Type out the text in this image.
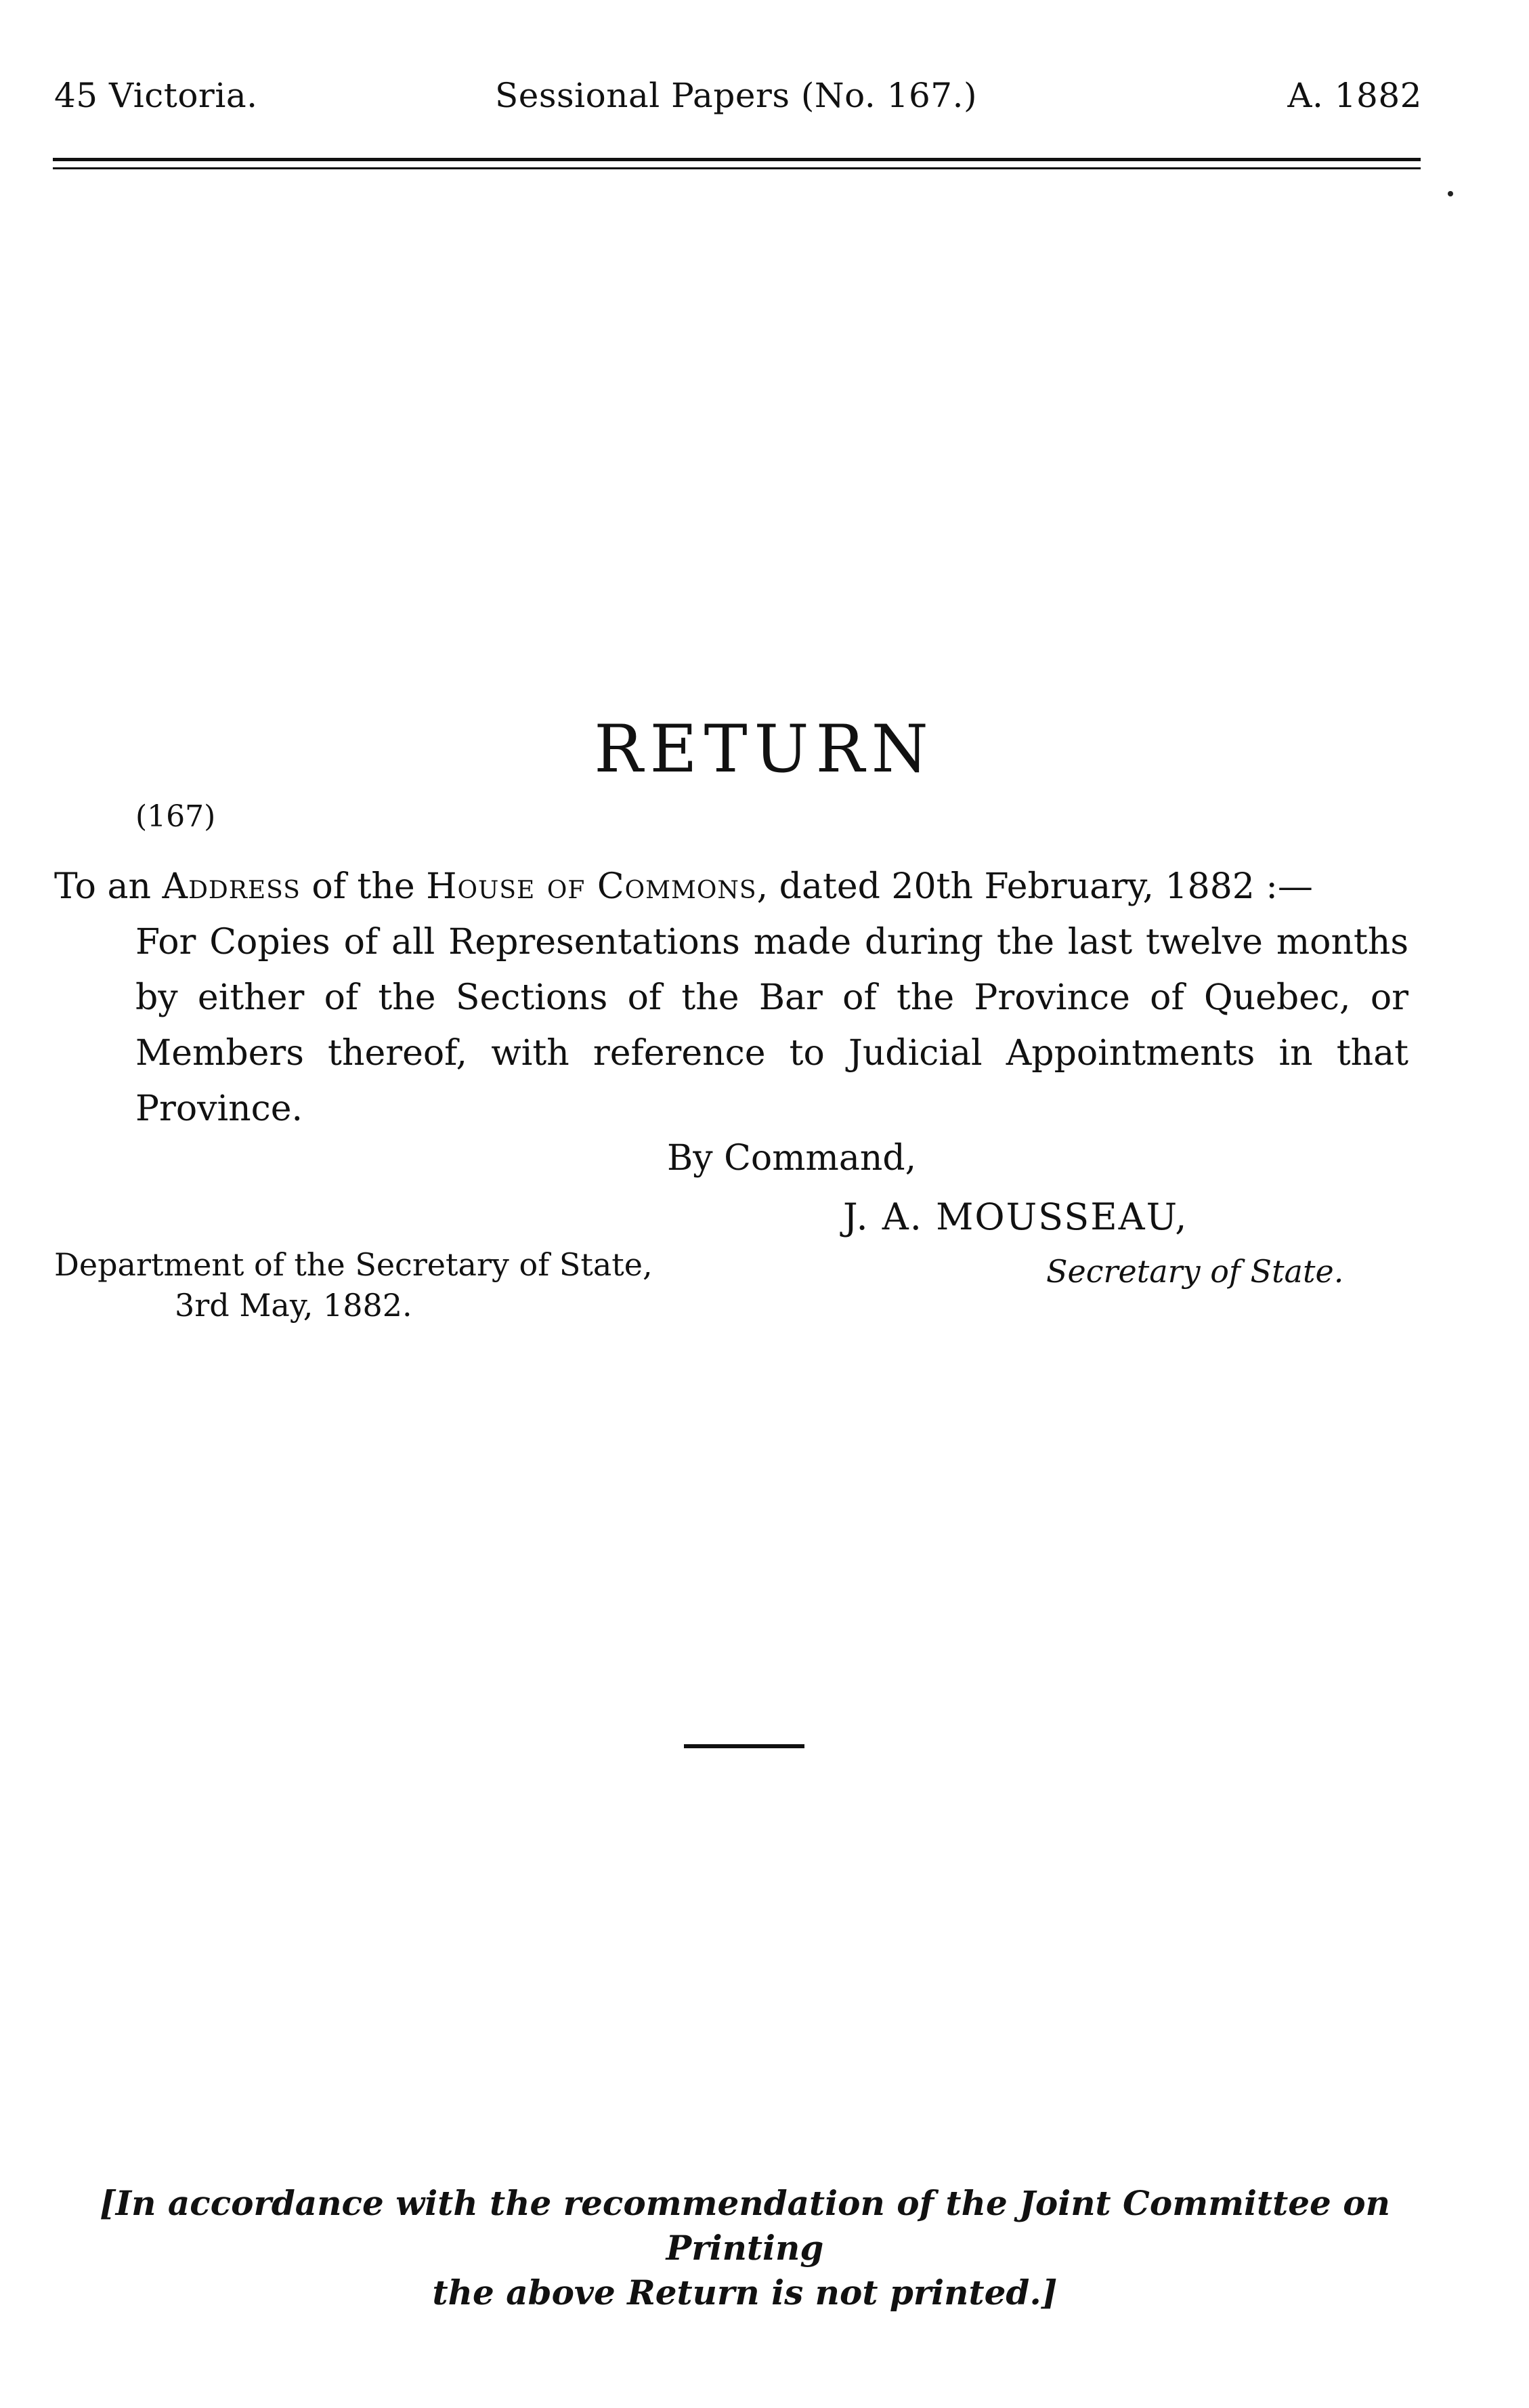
45 Victoria.	Sessional Papers (No. 167.)	A. 1882
RETURN
(167)
To an Address of the House of Commons, dated 20th February, 1882 :—
For Copies of all Representations made during the last twelve months by either of the Sections of the Bar of the Province of Quebec, or Members thereof, with reference to Judicial Appointments in that Province.
By Command,
J. A. MOUSSEAU,
Secretary of State.
Department of the Secretary of State,
3rd May, 1882.
[In accordance with the recommendation of the Joint Committee on Printing
the above Return is not printed.]
